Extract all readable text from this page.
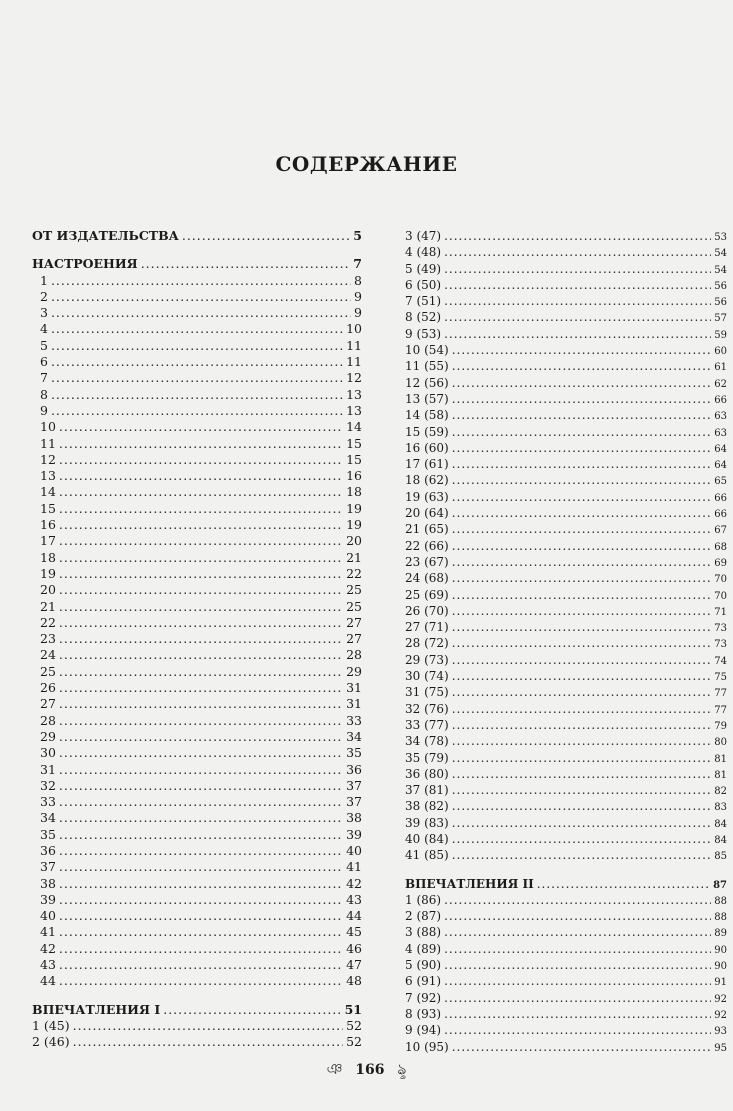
СОДЕРЖАНИЕ
ОТ ИЗДАТЕЛЬСТВА .....	5
НАСТРОЕНИЯ .....	7
1 .....	8
2 .....	9
3 .....	9
4 .....	10
5 .....	11
6 .....	11
7 .....	12
8 .....	13
9 .....	13
10 .....	14
11 .....	15
12 .....	15
13 .....	16
14 .....	18
15 .....	19
16 .....	19
17 .....	20
18 .....	21
19 .....	22
20 .....	25
21 .....	25
22 .....	27
23 .....	27
24 .....	28
25 .....	29
26 .....	31
27 .....	31
28 .....	33
29 .....	34
30 .....	35
31 .....	36
32 .....	37
33 .....	37
34 .....	38
35 .....	39
36 .....	40
37 .....	41
38 .....	42
39 .....	43
40 .....	44
41 .....	45
42 .....	46
43 .....	47
44 .....	48
ВПЕЧАТЛЕНИЯ I .....	51
1 (45) .....	52
2 (46) .....	52
3 (47) .....	53
4 (48) .....	54
5 (49) .....	54
6 (50) .....	56
7 (51) .....	56
8 (52) .....	57
9 (53) .....	59
10 (54) .....	60
11 (55) .....	61
12 (56) .....	62
13 (57) .....	66
14 (58) .....	63
15 (59) .....	63
16 (60) .....	64
17 (61) .....	64
18 (62) .....	65
19 (63) .....	66
20 (64) .....	66
21 (65) .....	67
22 (66) .....	68
23 (67) .....	69
24 (68) .....	70
25 (69) .....	70
26 (70) .....	71
27 (71) .....	73
28 (72) .....	73
29 (73) .....	74
30 (74) .....	75
31 (75) .....	77
32 (76) .....	77
33 (77) .....	79
34 (78) .....	80
35 (79) .....	81
36 (80) .....	81
37 (81) .....	82
38 (82) .....	83
39 (83) .....	84
40 (84) .....	84
41 (85) .....	85
ВПЕЧАТЛЕНИЯ II .....	87
1 (86) .....	88
2 (87) .....	88
3 (88) .....	89
4 (89) .....	90
5 (90) .....	90
6 (91) .....	91
7 (92) .....	92
8 (93) .....	92
9 (94) .....	93
10 (95) .....	95
ঞ 166 ৡ
